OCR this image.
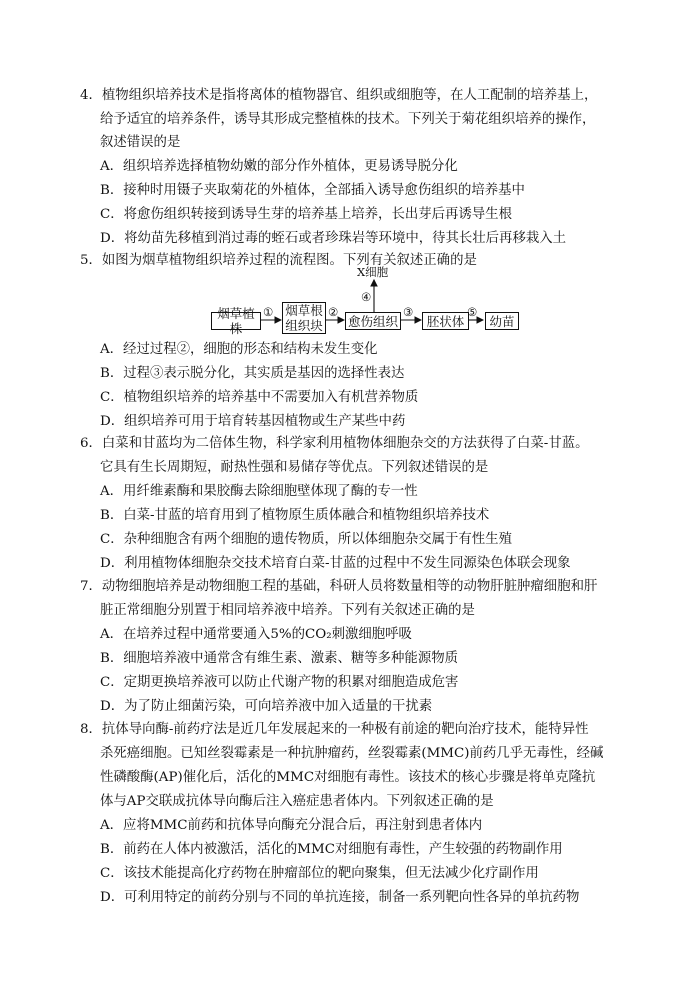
4．植物组织培养技术是指将离体的植物器官、组织或细胞等，在人工配制的培养基上，
给予适宜的培养条件，诱导其形成完整植株的技术。下列关于菊花组织培养的操作，
叙述错误的是
A．组织培养选择植物幼嫩的部分作外植体，更易诱导脱分化
B．接种时用镊子夹取菊花的外植体，全部插入诱导愈伤组织的培养基中
C．将愈伤组织转接到诱导生芽的培养基上培养，长出芽后再诱导生根
D．将幼苗先移植到消过毒的蛭石或者珍珠岩等环境中，待其长壮后再移栽入土
5．如图为烟草植物组织培养过程的流程图。下列有关叙述正确的是
烟草植株
烟草根
组织块 愈伤组织	胚状体	幼苗
X细胞
①	②	③
④
⑤
A．经过过程②，细胞的形态和结构未发生变化
B．过程③表示脱分化，其实质是基因的选择性表达
C．植物组织培养的培养基中不需要加入有机营养物质
D．组织培养可用于培育转基因植物或生产某些中药
6．白菜和甘蓝均为二倍体生物，科学家利用植物体细胞杂交的方法获得了白菜-甘蓝。
它具有生长周期短，耐热性强和易储存等优点。下列叙述错误的是
A．用纤维素酶和果胶酶去除细胞壁体现了酶的专一性
B．白菜-甘蓝的培育用到了植物原生质体融合和植物组织培养技术
C．杂种细胞含有两个细胞的遗传物质，所以体细胞杂交属于有性生殖
D．利用植物体细胞杂交技术培育白菜-甘蓝的过程中不发生同源染色体联会现象
7．动物细胞培养是动物细胞工程的基础，科研人员将数量相等的动物肝脏肿瘤细胞和肝
脏正常细胞分别置于相同培养液中培养。下列有关叙述正确的是
A．在培养过程中通常要通入5%的CO₂刺激细胞呼吸
B．细胞培养液中通常含有维生素、激素、糖等多种能源物质
C．定期更换培养液可以防止代谢产物的积累对细胞造成危害
D．为了防止细菌污染，可向培养液中加入适量的干扰素
8．抗体导向酶-前药疗法是近几年发展起来的一种极有前途的靶向治疗技术，能特异性
杀死癌细胞。已知丝裂霉素是一种抗肿瘤药，丝裂霉素(MMC)前药几乎无毒性，经碱
性磷酸酶(AP)催化后，活化的MMC对细胞有毒性。该技术的核心步骤是将单克隆抗
体与AP交联成抗体导向酶后注入癌症患者体内。下列叙述正确的是
A．应将MMC前药和抗体导向酶充分混合后，再注射到患者体内
B．前药在人体内被激活，活化的MMC对细胞有毒性，产生较强的药物副作用
C．该技术能提高化疗药物在肿瘤部位的靶向聚集，但无法减少化疗副作用
D．可利用特定的前药分别与不同的单抗连接，制备一系列靶向性各异的单抗药物
